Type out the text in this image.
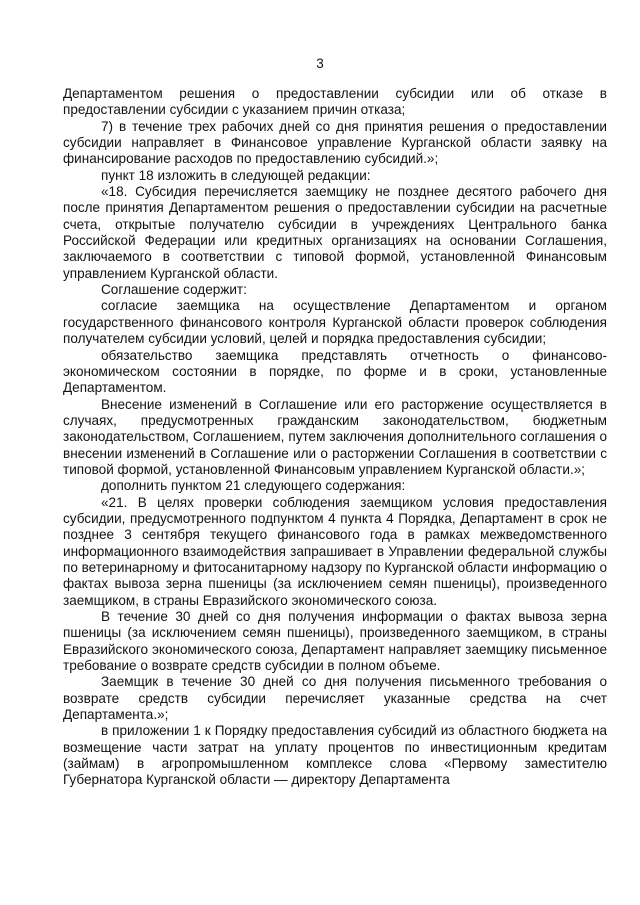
3

Департаментом решения о предоставлении субсидии или об отказе в предоставлении субсидии с указанием причин отказа;

7) в течение трех рабочих дней со дня принятия решения о предоставлении субсидии направляет в Финансовое управление Курганской области заявку на финансирование расходов по предоставлению субсидий.»;

пункт 18 изложить в следующей редакции:

«18. Субсидия перечисляется заемщику не позднее десятого рабочего дня после принятия Департаментом решения о предоставлении субсидии на расчетные счета, открытые получателю субсидии в учреждениях Центрального банка Российской Федерации или кредитных организациях на основании Соглашения, заключаемого в соответствии с типовой формой, установленной Финансовым управлением Курганской области.

Соглашение содержит:

согласие заемщика на осуществление Департаментом и органом государственного финансового контроля Курганской области проверок соблюдения получателем субсидии условий, целей и порядка предоставления субсидии;

обязательство заемщика представлять отчетность о финансово-экономическом состоянии в порядке, по форме и в сроки, установленные Департаментом.

Внесение изменений в Соглашение или его расторжение осуществляется в случаях, предусмотренных гражданским законодательством, бюджетным законодательством, Соглашением, путем заключения дополнительного соглашения о внесении изменений в Соглашение или о расторжении Соглашения в соответствии с типовой формой, установленной Финансовым управлением Курганской области.»;

дополнить пунктом 21 следующего содержания:

«21. В целях проверки соблюдения заемщиком условия предоставления субсидии, предусмотренного подпунктом 4 пункта 4 Порядка, Департамент в срок не позднее 3 сентября текущего финансового года в рамках межведомственного информационного взаимодействия запрашивает в Управлении федеральной службы по ветеринарному и фитосанитарному надзору по Курганской области информацию о фактах вывоза зерна пшеницы (за исключением семян пшеницы), произведенного заемщиком, в страны Евразийского экономического союза.

В течение 30 дней со дня получения информации о фактах вывоза зерна пшеницы (за исключением семян пшеницы), произведенного заемщиком, в страны Евразийского экономического союза, Департамент направляет заемщику письменное требование о возврате средств субсидии в полном объеме.

Заемщик в течение 30 дней со дня получения письменного требования о возврате средств субсидии перечисляет указанные средства на счет Департамента.»;

в приложении 1 к Порядку предоставления субсидий из областного бюджета на возмещение части затрат на уплату процентов по инвестиционным кредитам (займам) в агропромышленном комплексе слова «Первому заместителю Губернатора Курганской области — директору Департамента
